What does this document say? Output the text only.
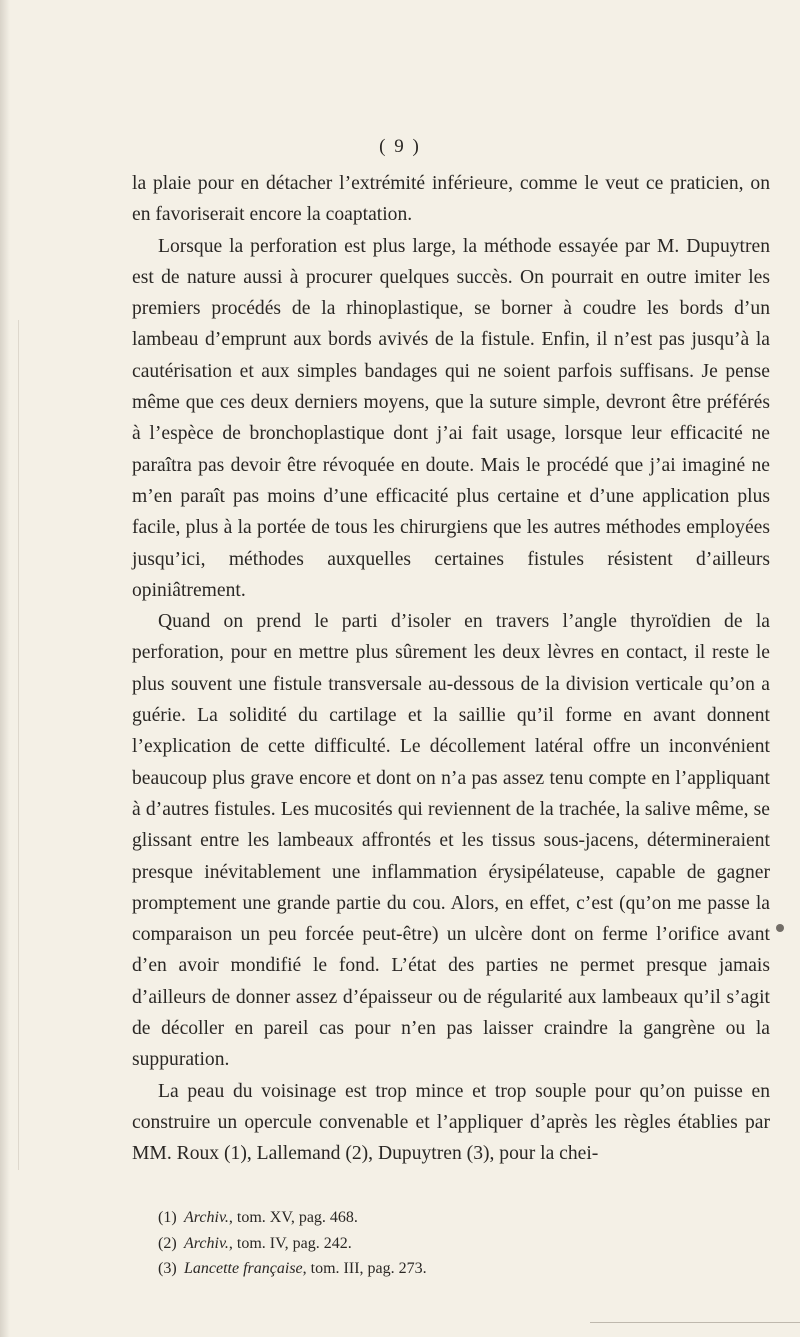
( 9 )

la plaie pour en détacher l’extrémité inférieure, comme le veut ce praticien, on en favoriserait encore la coaptation.

Lorsque la perforation est plus large, la méthode essayée par M. Dupuytren est de nature aussi à procurer quelques succès. On pourrait en outre imiter les premiers procédés de la rhinoplastique, se borner à coudre les bords d’un lambeau d’emprunt aux bords avivés de la fistule. Enfin, il n’est pas jusqu’à la cautérisation et aux simples bandages qui ne soient parfois suffisans. Je pense même que ces deux derniers moyens, que la suture simple, devront être préférés à l’espèce de bronchoplastique dont j’ai fait usage, lorsque leur efficacité ne paraîtra pas devoir être révoquée en doute. Mais le procédé que j’ai imaginé ne m’en paraît pas moins d’une efficacité plus certaine et d’une application plus facile, plus à la portée de tous les chirurgiens que les autres méthodes employées jusqu’ici, méthodes auxquelles certaines fistules résistent d’ailleurs opiniâtrement.

Quand on prend le parti d’isoler en travers l’angle thyroïdien de la perforation, pour en mettre plus sûrement les deux lèvres en contact, il reste le plus souvent une fistule transversale au-dessous de la division verticale qu’on a guérie. La solidité du cartilage et la saillie qu’il forme en avant donnent l’explication de cette difficulté. Le décollement latéral offre un inconvénient beaucoup plus grave encore et dont on n’a pas assez tenu compte en l’appliquant à d’autres fistules. Les mucosités qui reviennent de la trachée, la salive même, se glissant entre les lambeaux affrontés et les tissus sous-jacens, détermineraient presque inévitablement une inflammation érysipélateuse, capable de gagner promptement une grande partie du cou. Alors, en effet, c’est (qu’on me passe la comparaison un peu forcée peut-être) un ulcère dont on ferme l’orifice avant d’en avoir mondifié le fond. L’état des parties ne permet presque jamais d’ailleurs de donner assez d’épaisseur ou de régularité aux lambeaux qu’il s’agit de décoller en pareil cas pour n’en pas laisser craindre la gangrène ou la suppuration.

La peau du voisinage est trop mince et trop souple pour qu’on puisse en construire un opercule convenable et l’appliquer d’après les règles établies par MM. Roux (1), Lallemand (2), Dupuytren (3), pour la chei-

(1) Archiv., tom. XV, pag. 468.
(2) Archiv., tom. IV, pag. 242.
(3) Lancette française, tom. III, pag. 273.
